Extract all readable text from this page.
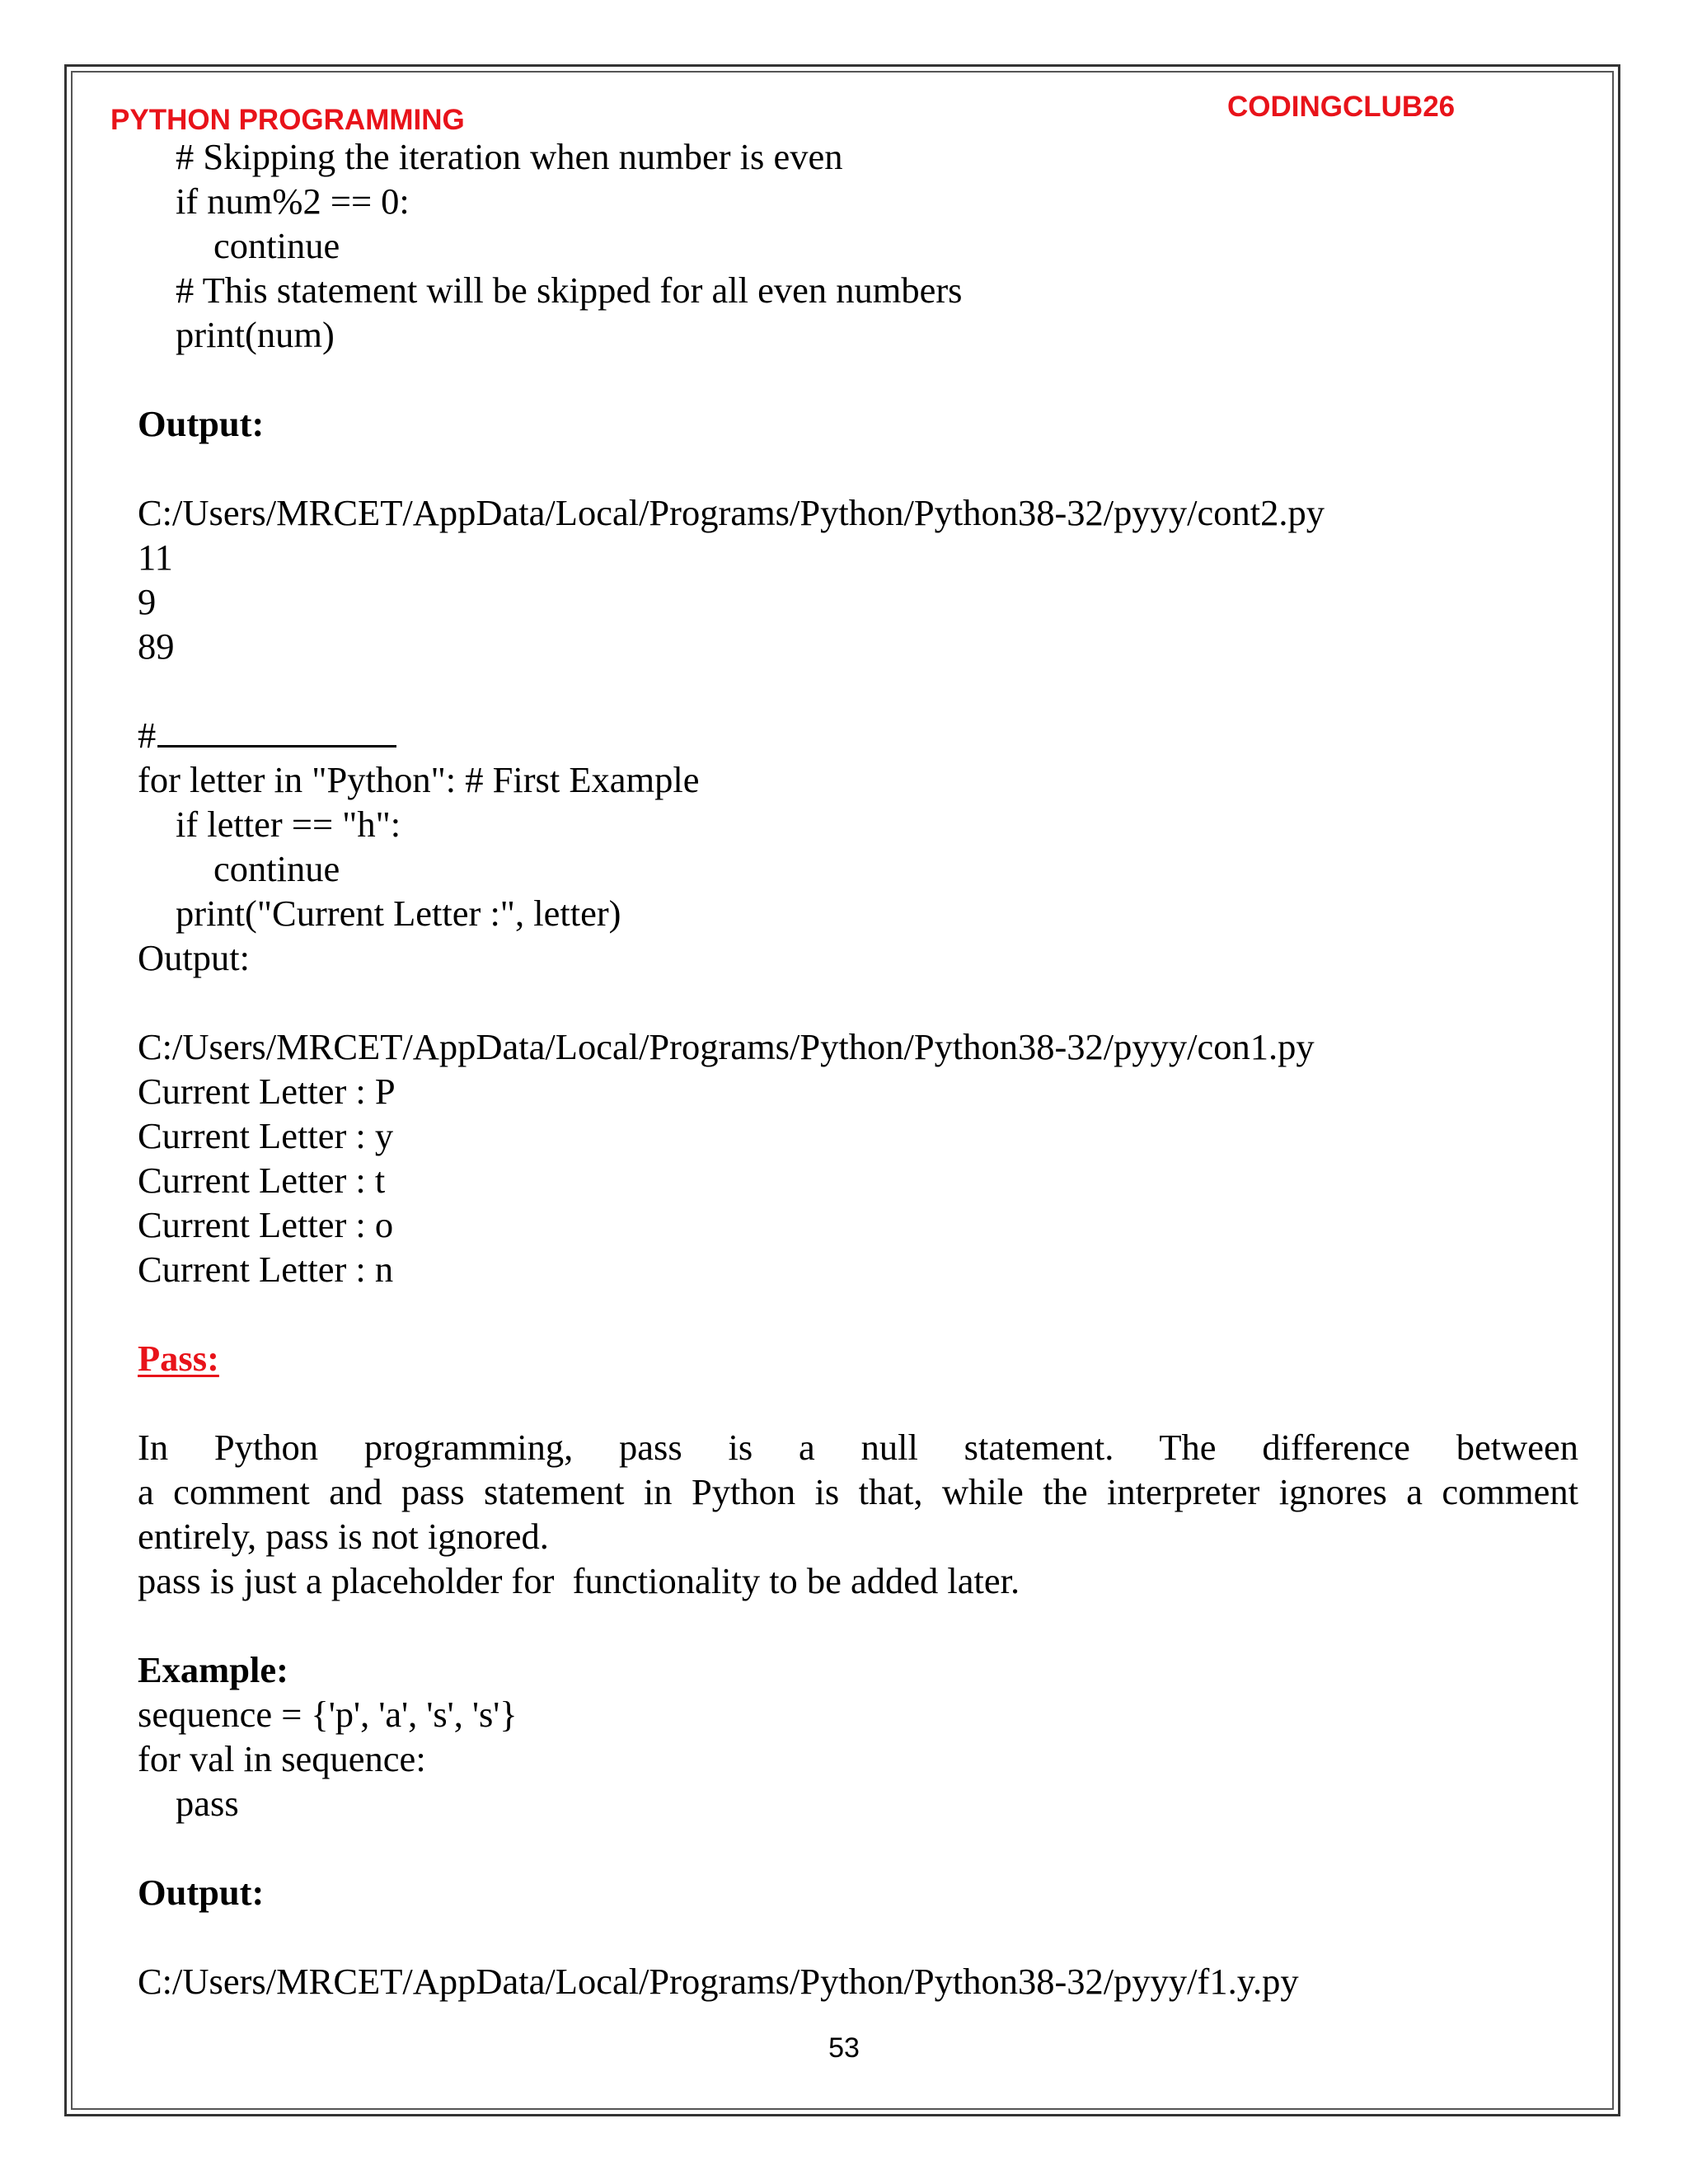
PYTHON PROGRAMMING	CODINGCLUB26
# Skipping the iteration when number is even
if num%2 == 0:
continue
# This statement will be skipped for all even numbers
print(num)
Output:
C:/Users/MRCET/AppData/Local/Programs/Python/Python38-32/pyyy/cont2.py
11
9
89
#
for letter in "Python": # First Example
if letter == "h":
continue
print("Current Letter :", letter)
Output:
C:/Users/MRCET/AppData/Local/Programs/Python/Python38-32/pyyy/con1.py
Current Letter : P
Current Letter : y
Current Letter : t
Current Letter : o
Current Letter : n
Pass:
In Python programming, pass is a null statement. The difference between
a comment and pass statement in Python is that, while the interpreter ignores a comment
entirely, pass is not ignored.
pass is just a placeholder for  functionality to be added later.
Example:
sequence = {'p', 'a', 's', 's'}
for val in sequence:
pass
Output:
C:/Users/MRCET/AppData/Local/Programs/Python/Python38-32/pyyy/f1.y.py
53
